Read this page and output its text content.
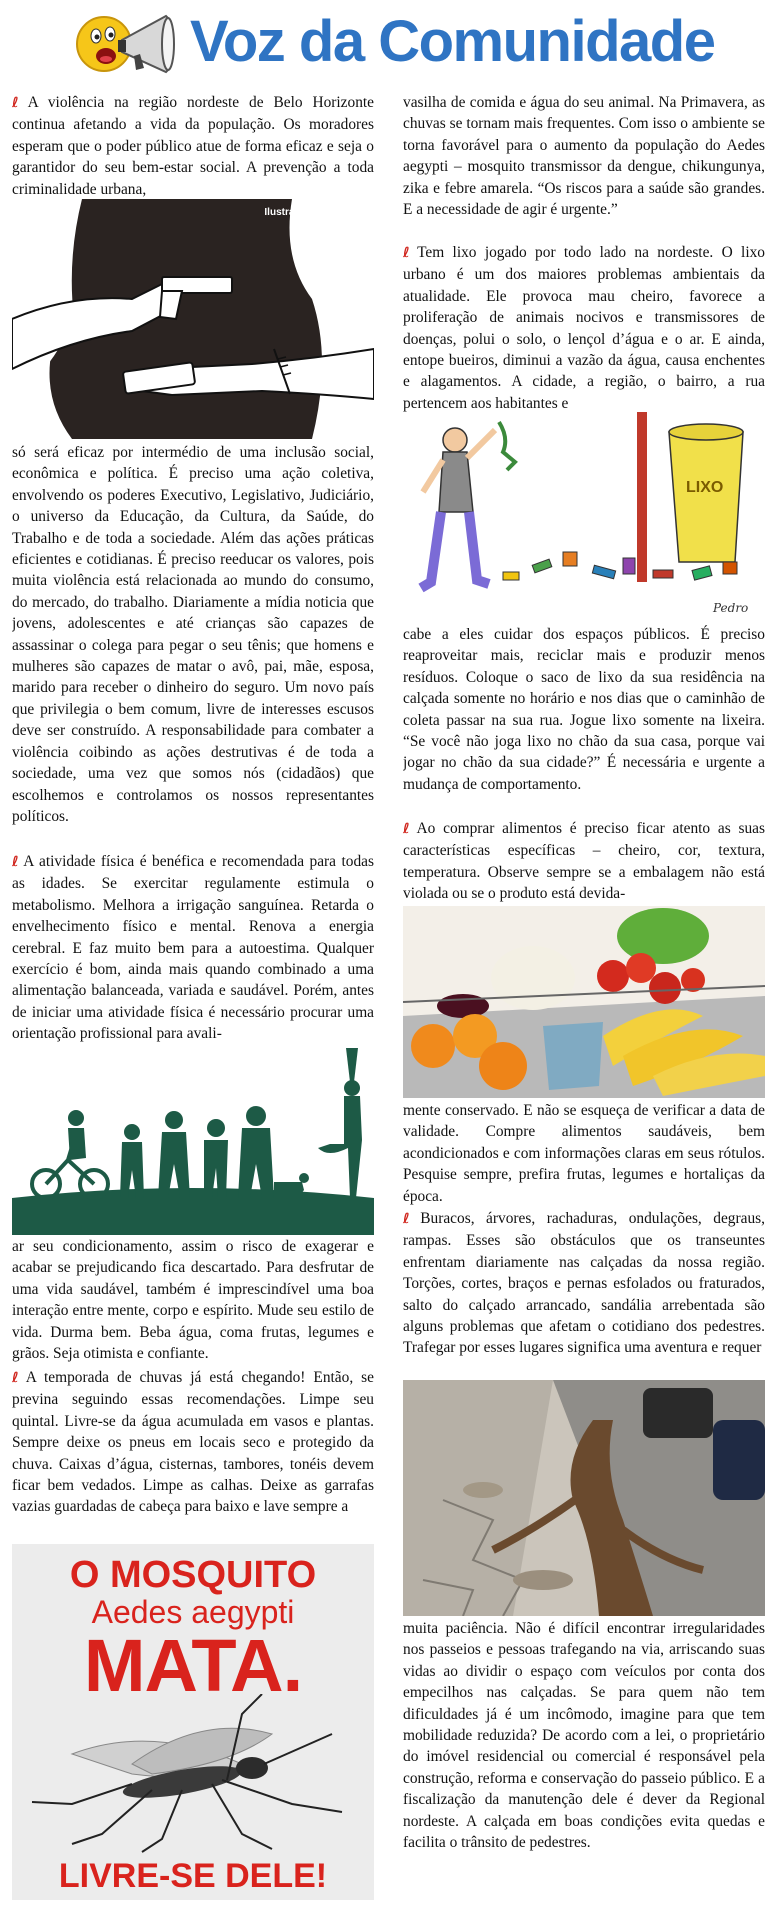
Voz da Comunidade
ℓ A violência na região nordeste de Belo Horizonte continua afetando a vida da população. Os moradores esperam que o poder público atue de forma eficaz e seja o garantidor do seu bem-estar social. A prevenção a toda criminalidade urbana,
Ilustrações: Internet
só será eficaz por intermédio de uma inclusão social, econômica e política. É preciso uma ação coletiva, envolvendo os poderes Executivo, Legislativo, Judiciário, o universo da Educação, da Cultura, da Saúde, do Trabalho e de toda a sociedade. Além das ações práticas eficientes e cotidianas. É preciso reeducar os valores, pois muita violência está relacionada ao mundo do consumo, do mercado, do trabalho. Diariamente a mídia noticia que jovens, adolescentes e até crianças são capazes de assassinar o colega para pegar o seu tênis; que homens e mulheres são capazes de matar o avô, pai, mãe, esposa, marido para receber o dinheiro do seguro. Um novo país que privilegia o bem comum, livre de interesses escusos deve ser construído. A responsabilidade para combater a violência coibindo as ações destrutivas é de toda a sociedade, uma vez que somos nós (cidadãos) que escolhemos e controlamos os nossos representantes políticos.
ℓ A atividade física é benéfica e recomendada para todas as idades. Se exercitar regulamente estimula o metabolismo. Melhora a irrigação sanguínea. Retarda o envelhecimento físico e mental. Renova a energia cerebral. E faz muito bem para a autoestima. Qualquer exercício é bom, ainda mais quando combinado a uma alimentação balanceada, variada e saudável. Porém, antes de iniciar uma atividade física é necessário procurar uma orientação profissional para avali-
ar seu condicionamento, assim o risco de exagerar e acabar se prejudicando fica descartado. Para desfrutar de uma vida saudável, também é imprescindível uma boa interação entre mente, corpo e espírito. Mude seu estilo de vida. Durma bem. Beba água, coma frutas, legumes e grãos. Seja otimista e confiante.
ℓ A temporada de chuvas já está chegando! Então, se previna seguindo essas recomendações. Limpe seu quintal. Livre-se da água acumulada em vasos e plantas. Sempre deixe os pneus em locais seco e protegido da chuva. Caixas d’água, cisternas, tambores, tonéis devem ficar bem vedados. Limpe as calhas. Deixe as garrafas vazias guardadas de cabeça para baixo e lave sempre a
O MOSQUITO
Aedes aegypti
MATA.
LIVRE-SE DELE!
vasilha de comida e água do seu animal. Na Primavera, as chuvas se tornam mais frequentes. Com isso o ambiente se torna favorável para o aumento da população do Aedes aegypti – mosquito transmissor da dengue, chikungunya, zika e febre amarela. “Os riscos para a saúde são grandes. E a necessidade de agir é urgente.”
ℓ Tem lixo jogado por todo lado na nordeste. O lixo urbano é um dos maiores problemas ambientais da atualidade. Ele provoca mau cheiro, favorece a proliferação de animais nocivos e transmissores de doenças, polui o solo, o lençol d’água e o ar. E ainda, entope bueiros, diminui a vazão da água, causa enchentes e alagamentos. A cidade, a região, o bairro, a rua pertencem aos habitantes e
LIXO
Pedro
cabe a eles cuidar dos espaços públicos. É preciso reaproveitar mais, reciclar mais e produzir menos resíduos. Coloque o saco de lixo da sua residência na calçada somente no horário e nos dias que o caminhão de coleta passar na sua rua. Jogue lixo somente na lixeira. “Se você não joga lixo no chão da sua casa, porque vai jogar no chão da sua cidade?” É necessária e urgente a mudança de comportamento.
ℓ Ao comprar alimentos é preciso ficar atento as suas características específicas – cheiro, cor, textura, temperatura. Observe sempre se a embalagem não está violada ou se o produto está devida-
mente conservado. E não se esqueça de verificar a data de validade. Compre alimentos saudáveis, bem acondicionados e com informações claras em seus rótulos. Pesquise sempre, prefira frutas, legumes e hortaliças da época.
ℓ Buracos, árvores, rachaduras, ondulações, degraus, rampas. Esses são obstáculos que os transeuntes enfrentam diariamente nas calçadas da nossa região. Torções, cortes, braços e pernas esfolados ou fraturados, salto do calçado arrancado, sandália arrebentada são alguns problemas que afetam o cotidiano dos pedestres. Trafegar por esses lugares significa uma aventura e requer
muita paciência. Não é difícil encontrar irregularidades nos passeios e pessoas trafegando na via, arriscando suas vidas ao dividir o espaço com veículos por conta dos empecilhos nas calçadas. Se para quem não tem dificuldades já é um incômodo, imagine para que tem mobilidade reduzida? De acordo com a lei, o proprietário do imóvel residencial ou comercial é responsável pela construção, reforma e conservação do passeio público. E a fiscalização da manutenção dele é dever da Regional nordeste. A calçada em boas condições evita quedas e facilita o trânsito de pedestres.
